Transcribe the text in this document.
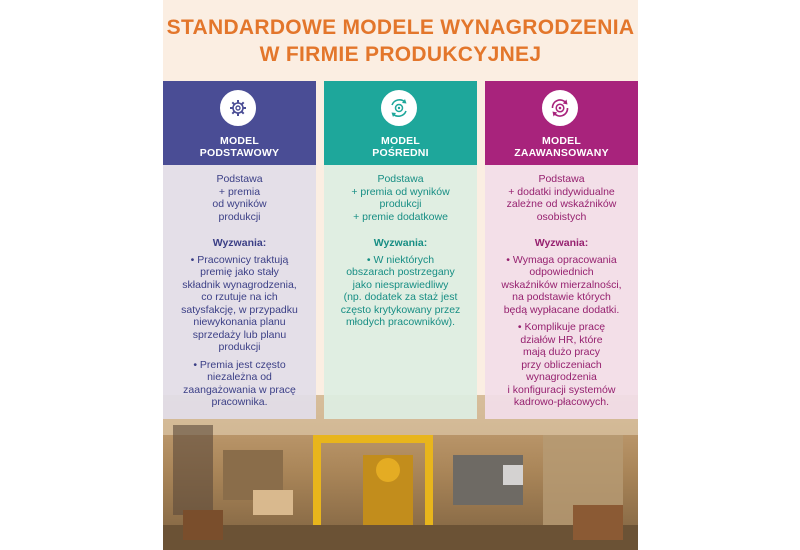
STANDARDOWE MODELE WYNAGRODZENIA
W FIRMIE PRODUKCYJNEJ
MODEL
PODSTAWOWY
Podstawa
+ premia
od wyników
produkcji
Wyzwania:
• Pracownicy traktują
premię jako stały
składnik wynagrodzenia,
co rzutuje na ich
satysfakcję, w przypadku
niewykonania planu
sprzedaży lub planu
produkcji
• Premia jest często
niezależna od
zaangażowania w pracę
pracownika.
MODEL
POŚREDNI
Podstawa
+ premia od wyników
produkcji
+ premie dodatkowe
Wyzwania:
• W niektórych
obszarach postrzegany
jako niesprawiedliwy
(np. dodatek za staż jest
często krytykowany przez
młodych pracowników).
MODEL
ZAAWANSOWANY
Podstawa
+ dodatki indywidualne
zależne od wskaźników
osobistych
Wyzwania:
• Wymaga opracowania
odpowiednich
wskaźników mierzalności,
na podstawie których
będą wypłacane dodatki.
• Komplikuje pracę
działów HR, które
mają dużo pracy
przy obliczeniach
wynagrodzenia
i konfiguracji systemów
kadrowo-płacowych.
